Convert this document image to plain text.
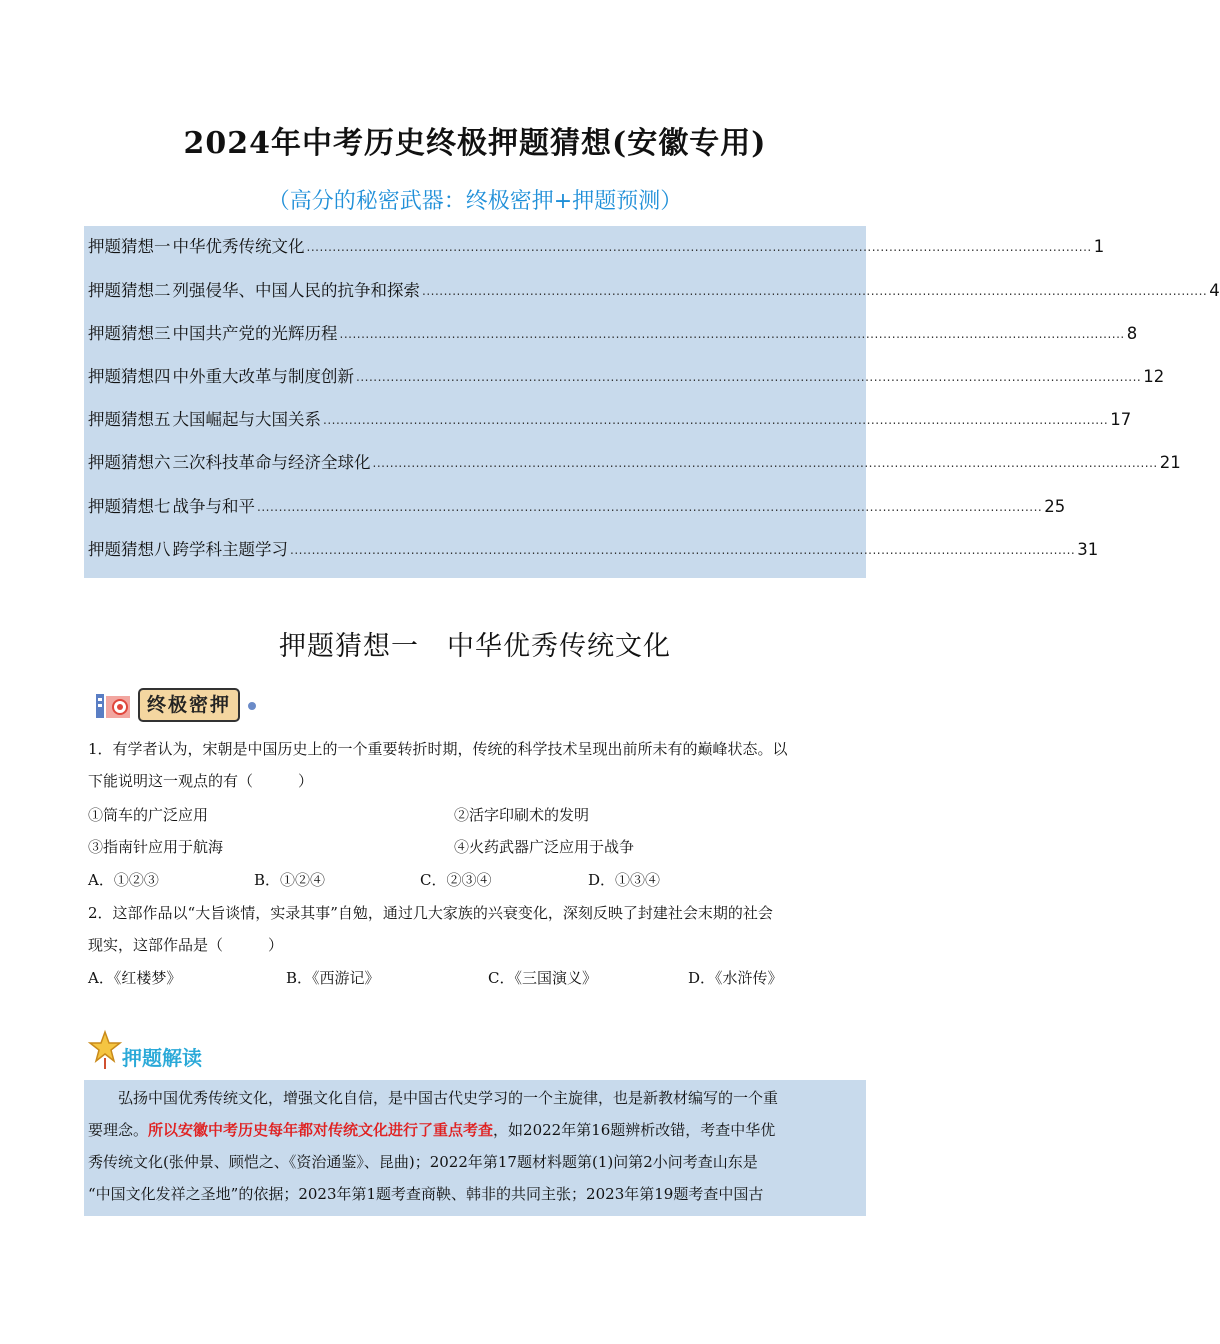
2024年中考历史终极押题猜想(安徽专用)
（高分的秘密武器：终极密押+押题预测）
押题猜想一 中华优秀传统文化 ...................................................................................................................................................................................... 1
押题猜想二 列强侵华、中国人民的抗争和探索 ...................................................................................................................................................................................... 4
押题猜想三 中国共产党的光辉历程 ...................................................................................................................................................................................... 8
押题猜想四 中外重大改革与制度创新 ...................................................................................................................................................................................... 12
押题猜想五 大国崛起与大国关系 ...................................................................................................................................................................................... 17
押题猜想六 三次科技革命与经济全球化 ...................................................................................................................................................................................... 21
押题猜想七 战争与和平 ...................................................................................................................................................................................... 25
押题猜想八 跨学科主题学习 ...................................................................................................................................................................................... 31
押题猜想一　中华优秀传统文化
终极密押
1．有学者认为，宋朝是中国历史上的一个重要转折时期，传统的科学技术呈现出前所未有的巅峰状态。以
下能说明这一观点的有（　　　）
①筒车的广泛应用	②活字印刷术的发明
③指南针应用于航海	④火药武器广泛应用于战争
A．①②③	B．①②④	C．②③④	D．①③④
2．这部作品以“大旨谈情，实录其事”自勉，通过几大家族的兴衰变化，深刻反映了封建社会末期的社会
现实，这部作品是（　　　）
A．《红楼梦》	B．《西游记》	C．《三国演义》	D．《水浒传》
押题解读
弘扬中国优秀传统文化，增强文化自信，是中国古代史学习的一个主旋律，也是新教材编写的一个重
要理念。所以安徽中考历史每年都对传统文化进行了重点考查，如2022年第16题辨析改错，考查中华优
秀传统文化(张仲景、顾恺之、《资治通鉴》、昆曲)；2022年第17题材料题第(1)问第2小问考查山东是
“中国文化发祥之圣地”的依据；2023年第1题考查商鞅、韩非的共同主张；2023年第19题考查中国古
